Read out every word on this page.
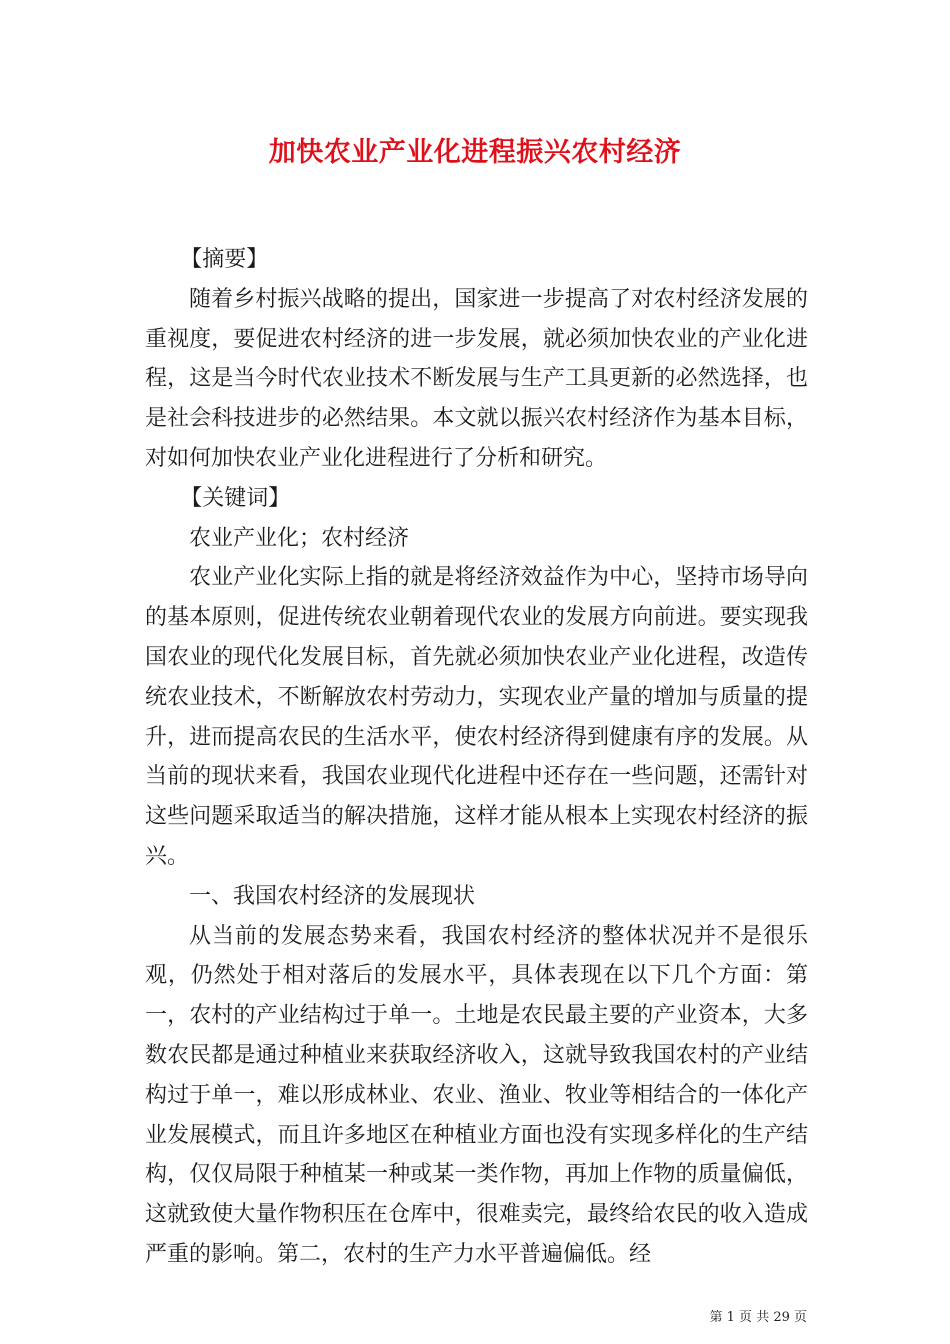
加快农业产业化进程振兴农村经济

【摘要】

随着乡村振兴战略的提出，国家进一步提高了对农村经济发展的重视度，要促进农村经济的进一步发展，就必须加快农业的产业化进程，这是当今时代农业技术不断发展与生产工具更新的必然选择，也是社会科技进步的必然结果。本文就以振兴农村经济作为基本目标，对如何加快农业产业化进程进行了分析和研究。

【关键词】

农业产业化；农村经济

农业产业化实际上指的就是将经济效益作为中心，坚持市场导向的基本原则，促进传统农业朝着现代农业的发展方向前进。要实现我国农业的现代化发展目标，首先就必须加快农业产业化进程，改造传统农业技术，不断解放农村劳动力，实现农业产量的增加与质量的提升，进而提高农民的生活水平，使农村经济得到健康有序的发展。从当前的现状来看，我国农业现代化进程中还存在一些问题，还需针对这些问题采取适当的解决措施，这样才能从根本上实现农村经济的振兴。

一、我国农村经济的发展现状

从当前的发展态势来看，我国农村经济的整体状况并不是很乐观，仍然处于相对落后的发展水平，具体表现在以下几个方面：第一，农村的产业结构过于单一。土地是农民最主要的产业资本，大多数农民都是通过种植业来获取经济收入，这就导致我国农村的产业结构过于单一，难以形成林业、农业、渔业、牧业等相结合的一体化产业发展模式，而且许多地区在种植业方面也没有实现多样化的生产结构，仅仅局限于种植某一种或某一类作物，再加上作物的质量偏低，这就致使大量作物积压在仓库中，很难卖完，最终给农民的收入造成严重的影响。第二，农村的生产力水平普遍偏低。经

第 1 页 共 29 页
